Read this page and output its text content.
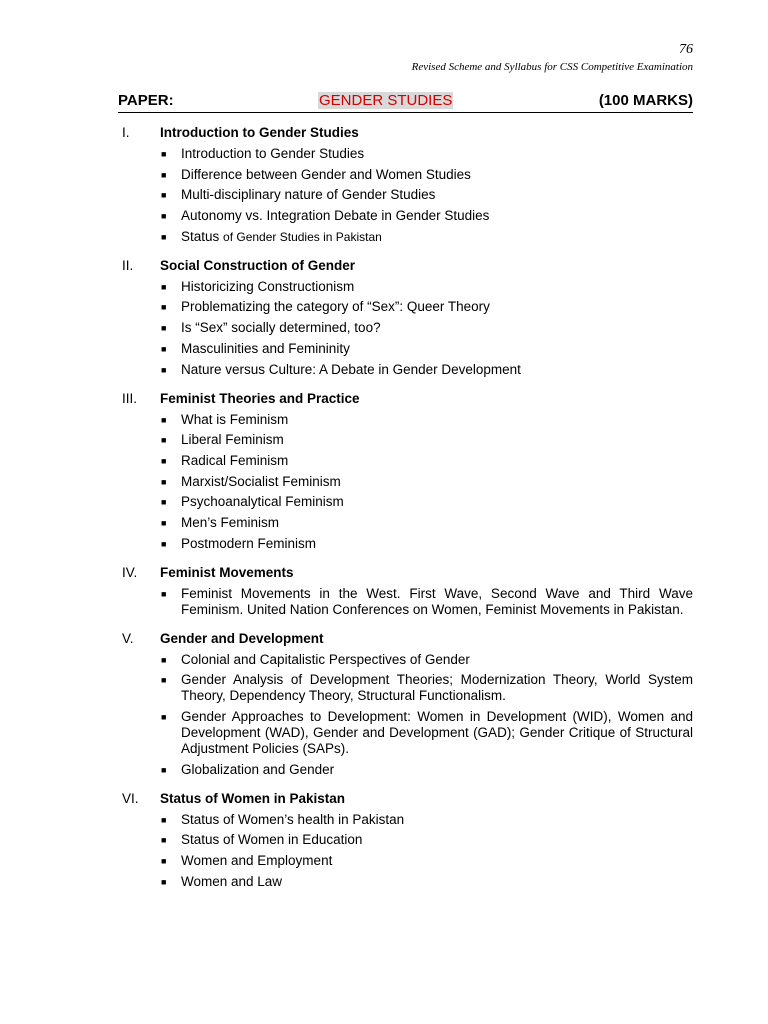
76
Revised Scheme and Syllabus for CSS Competitive Examination
PAPER:	GENDER STUDIES	(100 MARKS)
I.	Introduction to Gender Studies
■	Introduction to Gender Studies
■	Difference between Gender and Women Studies
■	Multi-disciplinary nature of Gender Studies
■	Autonomy vs. Integration Debate in Gender Studies
■	Status of Gender Studies in Pakistan
II.	Social Construction of Gender
■	Historicizing Constructionism
■	Problematizing the category of “Sex”: Queer Theory
■	Is “Sex” socially determined, too?
■	Masculinities and Femininity
■	Nature versus Culture: A Debate in Gender Development
III.	Feminist Theories and Practice
■	What is Feminism
■	Liberal Feminism
■	Radical Feminism
■	Marxist/Socialist Feminism
■	Psychoanalytical Feminism
■	Men’s Feminism
■	Postmodern Feminism
IV.	Feminist Movements
■	Feminist Movements in the West. First Wave, Second Wave and Third Wave Feminism. United Nation Conferences on Women, Feminist Movements in Pakistan.
V.	Gender and Development
■	Colonial and Capitalistic Perspectives of Gender
■	Gender Analysis of Development Theories; Modernization Theory, World System Theory, Dependency Theory, Structural Functionalism.
■	Gender Approaches to Development: Women in Development (WID), Women and Development (WAD), Gender and Development (GAD); Gender Critique of Structural Adjustment Policies (SAPs).
■	Globalization and Gender
VI.	Status of Women in Pakistan
■	Status of Women’s health in Pakistan
■	Status of Women in Education
■	Women and Employment
■	Women and Law
